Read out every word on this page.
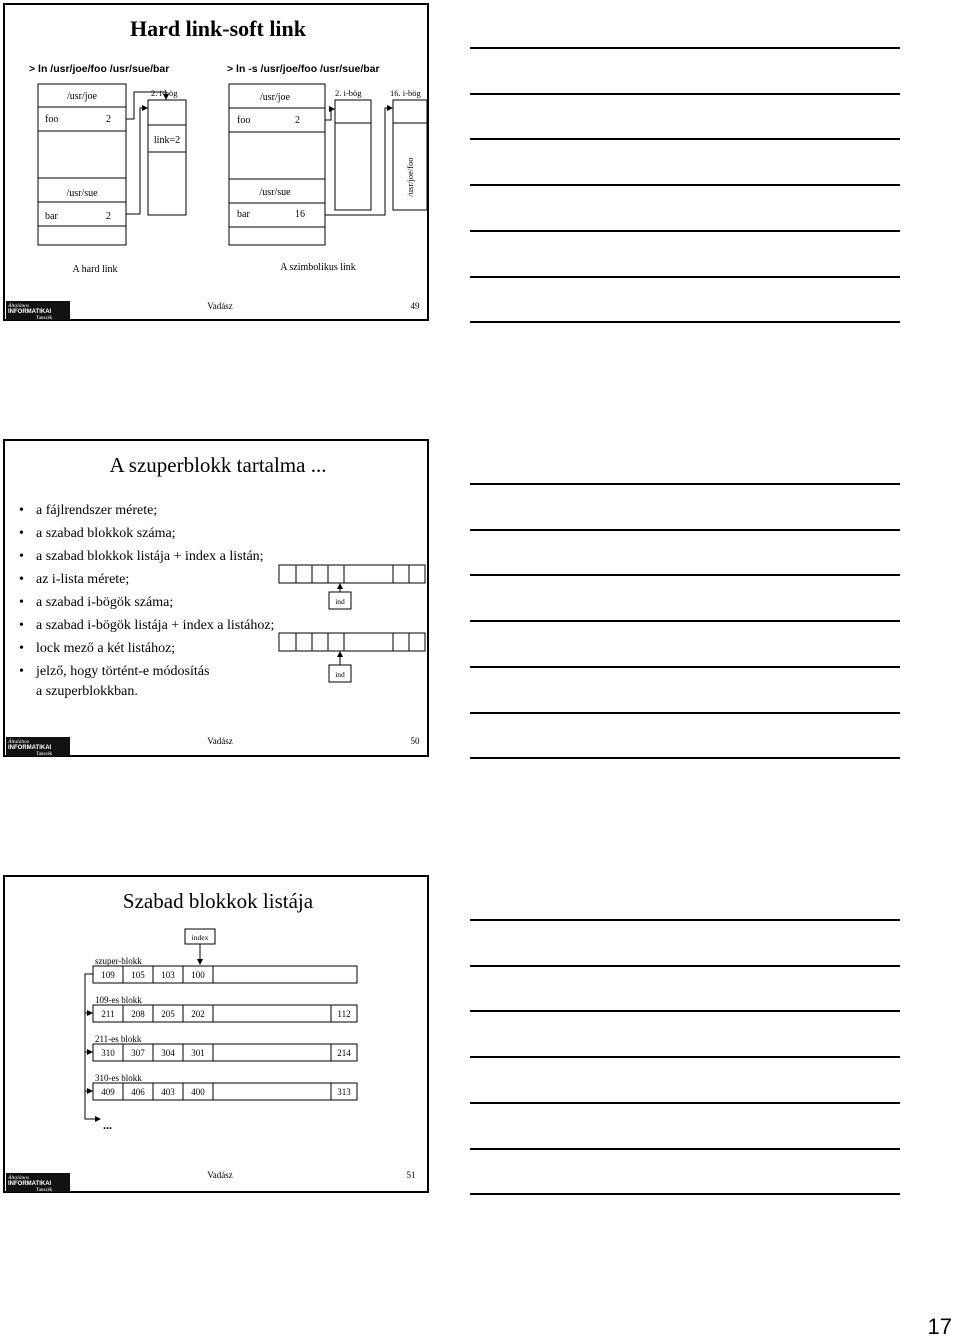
Hard link-soft link
> ln /usr/joe/foo /usr/sue/bar	> ln -s /usr/joe/foo /usr/sue/bar
/usr/joe
foo	2
/usr/sue
bar	2
2. i-bög
link=2
A hard link
/usr/joe
foo	2
/usr/sue
bar	16
2. i-bög	16. i-bög
/usr/joe/foo
A szimbolikus link
Vadász	49
Általános
INFORMATIKAI
Tanszék
A szuperblokk tartalma ...
• a fájlrendszer mérete;
• a szabad blokkok száma;
• a szabad blokkok listája + index a listán;
• az i-lista mérete;
• a szabad i-bögök száma;
• a szabad i-bögök listája + index a listához;
• lock mező a két listához;
• jelző, hogy történt-e módosítás
a szuperblokkban.
ind
ind
Vadász	50
Általános
INFORMATIKAI
Tanszék
Szabad blokkok listája
index
szuper-blokk
109 105 103 100
109-es blokk
211 208 205 202	112
211-es blokk
310 307 304 301	214
310-es blokk
409 406 403 400	313
...
Vadász	51
Általános
INFORMATIKAI
Tanszék
17
